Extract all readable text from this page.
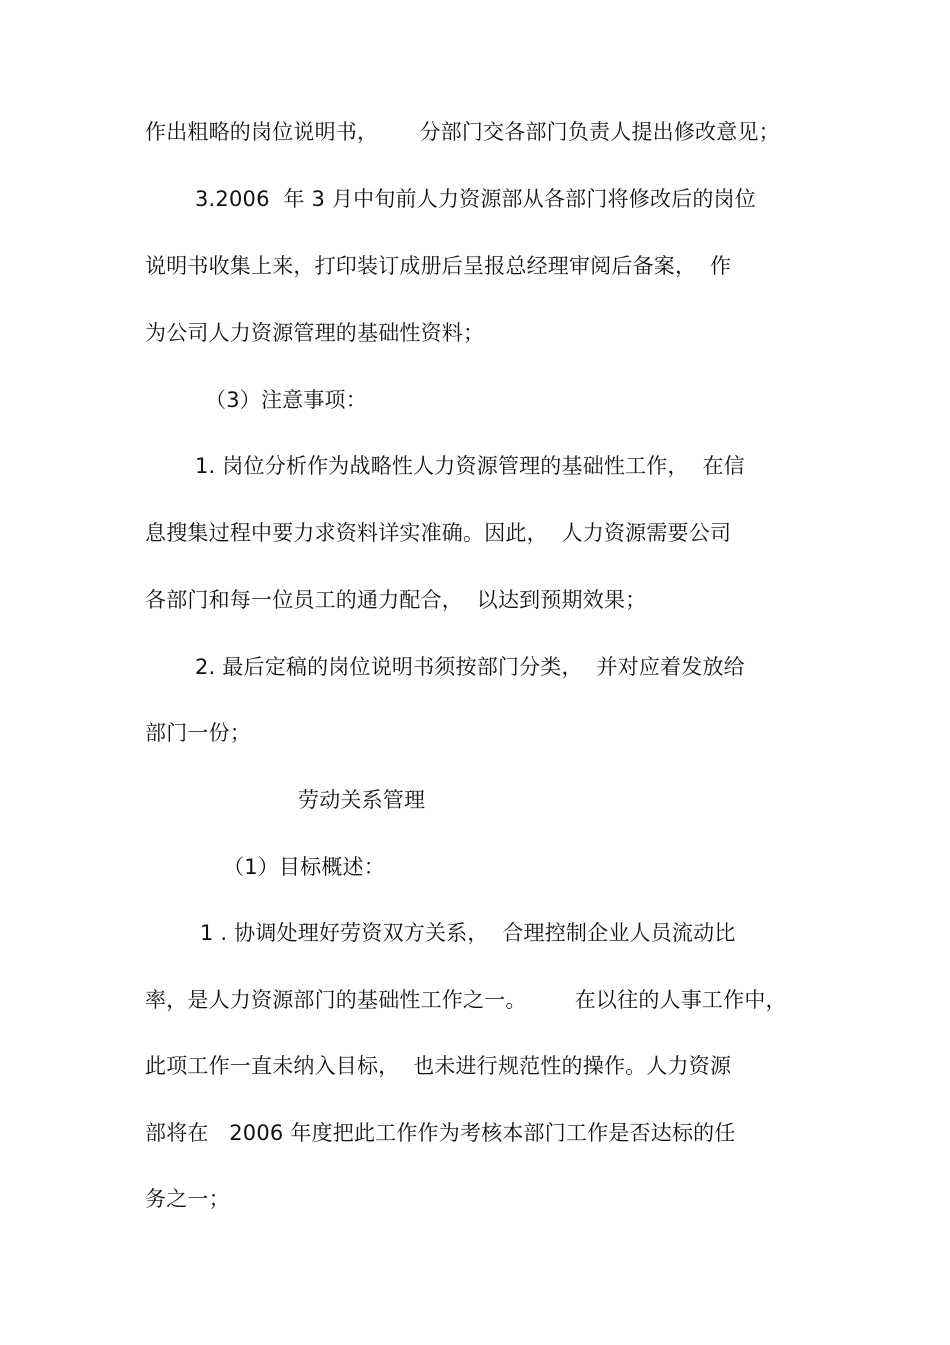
作出粗略的岗位说明书，      分部门交各部门负责人提出修改意见；
3.2006  年 3 月中旬前人力资源部从各部门将修改后的岗位
说明书收集上来，打印装订成册后呈报总经理审阅后备案，  作
为公司人力资源管理的基础性资料；
（3）注意事项：
1. 岗位分析作为战略性人力资源管理的基础性工作，  在信
息搜集过程中要力求资料详实准确。因此，  人力资源需要公司
各部门和每一位员工的通力配合，  以达到预期效果；
2. 最后定稿的岗位说明书须按部门分类，  并对应着发放给
部门一份；
劳动关系管理
（1）目标概述：
1 . 协调处理好劳资双方关系，  合理控制企业人员流动比
率，是人力资源部门的基础性工作之一。       在以往的人事工作中，
此项工作一直未纳入目标，  也未进行规范性的操作。人力资源
部将在   2006 年度把此工作作为考核本部门工作是否达标的任
务之一；
